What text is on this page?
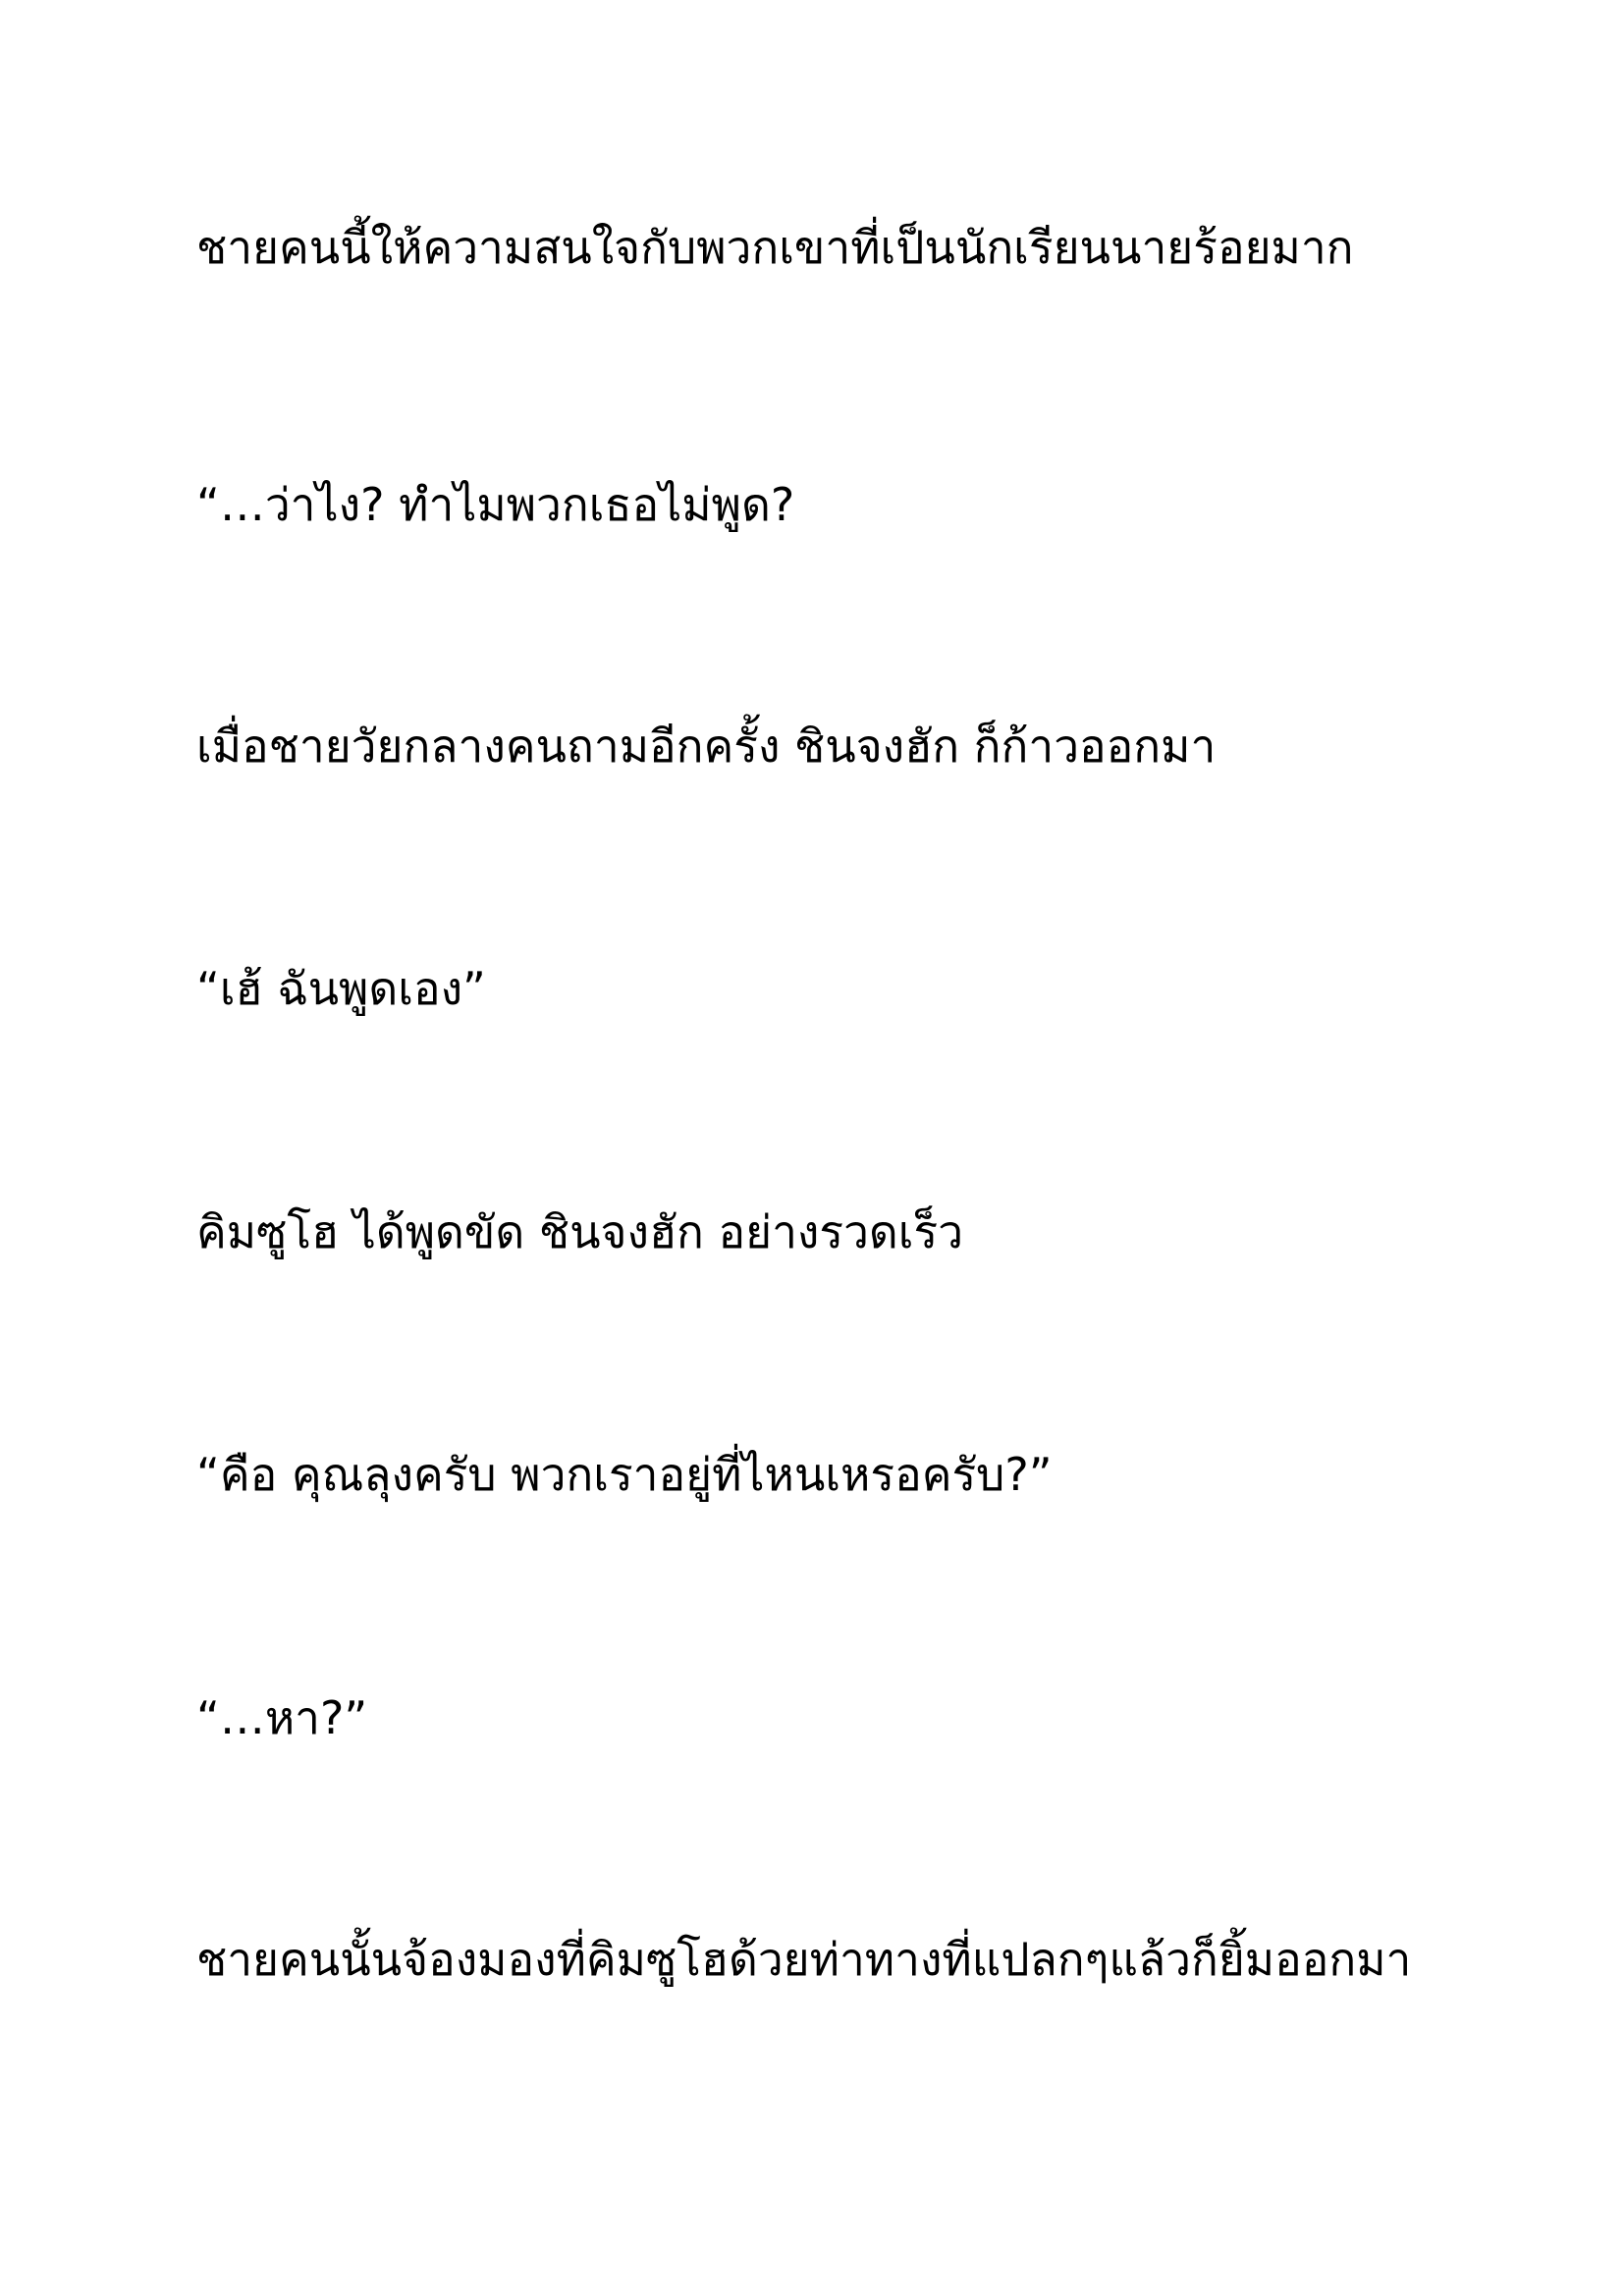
ชายคนนี้ให้ความสนใจกับพวกเขาที่เป็นนักเรียนนายร้อยมาก

“…ว่าไง? ทำไมพวกเธอไม่พูด?

เมื่อชายวัยกลางคนถามอีกครั้ง ชินจงฮัก ก็ก้าวออกมา

“เฮ้ ฉันพูดเอง”

คิมซูโฮ ได้พูดขัด ชินจงฮัก อย่างรวดเร็ว

“คือ คุณลุงครับ พวกเราอยู่ที่ไหนเหรอครับ?”

“…หา?”

ชายคนนั้นจ้องมองที่คิมซูโฮด้วยท่าทางที่แปลกๆแล้วก็ยิ้มออกมา
